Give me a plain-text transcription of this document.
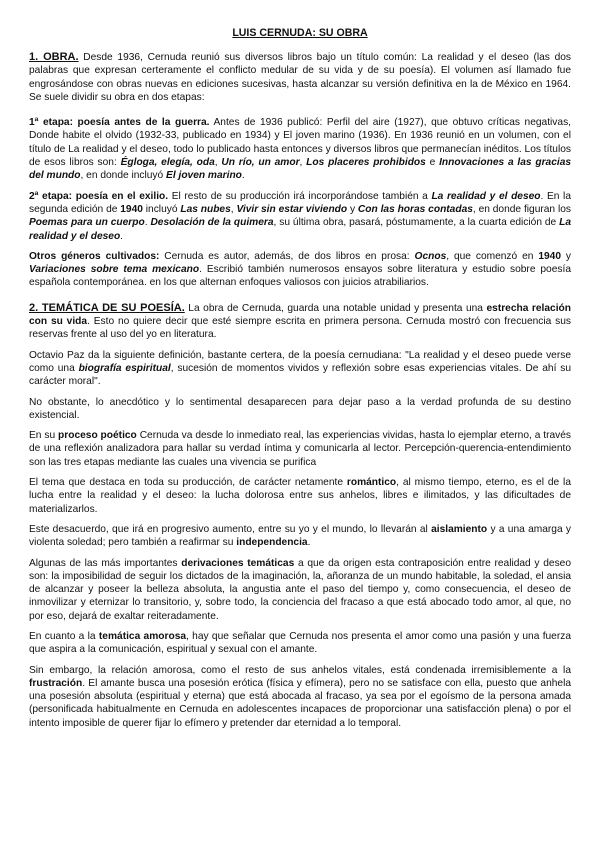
LUIS CERNUDA: SU OBRA

1. OBRA. Desde 1936, Cernuda reunió sus diversos libros bajo un título común: La realidad y el deseo (las dos palabras que expresan certeramente el conflicto medular de su vida y de su poesía). El volumen así llamado fue engrosándose con obras nuevas en ediciones sucesivas, hasta alcanzar su versión definitiva en la de México en 1964. Se suele dividir su obra en dos etapas:

1ª etapa: poesía antes de la guerra. Antes de 1936 publicó: Perfil del aire (1927), que obtuvo críticas negativas, Donde habite el olvido (1932-33, publicado en 1934) y El joven marino (1936). En 1936 reunió en un volumen, con el título de La realidad y el deseo, todo lo publicado hasta entonces y diversos libros que permanecían inéditos. Los títulos de esos libros son: Égloga, elegía, oda, Un río, un amor, Los placeres prohibidos e Innovaciones a las gracias del mundo, en donde incluyó El joven marino.

2ª etapa: poesía en el exilio. El resto de su producción irá incorporándose también a La realidad y el deseo. En la segunda edición de 1940 incluyó Las nubes, Vivir sin estar viviendo y Con las horas contadas, en donde figuran los Poemas para un cuerpo. Desolación de la quimera, su última obra, pasará, póstumamente, a la cuarta edición de La realidad y el deseo.

Otros géneros cultivados: Cernuda es autor, además, de dos libros en prosa: Ocnos, que comenzó en 1940 y Variaciones sobre tema mexicano. Escribió también numerosos ensayos sobre literatura y estudio sobre poesía española contemporánea. en los que alternan enfoques valiosos con juicios atrabiliarios.

2. TEMÁTICA DE SU POESÍA. La obra de Cernuda, guarda una notable unidad y presenta una estrecha relación con su vida. Esto no quiere decir que esté siempre escrita en primera persona. Cernuda mostró con frecuencia sus reservas frente al uso del yo en literatura.

Octavio Paz da la siguiente definición, bastante certera, de la poesía cernudiana: "La realidad y el deseo puede verse como una biografía espiritual, sucesión de momentos vividos y reflexión sobre esas experiencias vitales. De ahí su carácter moral".

No obstante, lo anecdótico y lo sentimental desaparecen para dejar paso a la verdad profunda de su destino existencial.

En su proceso poético Cernuda va desde lo inmediato real, las experiencias vividas, hasta lo ejemplar eterno, a través de una reflexión analizadora para hallar su verdad íntima y comunicarla al lector. Percepción-querencia-entendimiento son las tres etapas mediante las cuales una vivencia se purifica

El tema que destaca en toda su producción, de carácter netamente romántico, al mismo tiempo, eterno, es el de la lucha entre la realidad y el deseo: la lucha dolorosa entre sus anhelos, libres e ilimitados, y las dificultades de materializarlos.

Este desacuerdo, que irá en progresivo aumento, entre su yo y el mundo, lo llevarán al aislamiento y a una amarga y violenta soledad; pero también a reafirmar su independencia.

Algunas de las más importantes derivaciones temáticas a que da origen esta contraposición entre realidad y deseo son: la imposibilidad de seguir los dictados de la imaginación, la, añoranza de un mundo habitable, la soledad, el ansia de alcanzar y poseer la belleza absoluta, la angustia ante el paso del tiempo y, como consecuencia, el deseo de inmovilizar y eternizar lo transitorio, y, sobre todo, la conciencia del fracaso a que está abocado todo amor, al que, no por eso, dejará de exaltar reiteradamente.

En cuanto a la temática amorosa, hay que señalar que Cernuda nos presenta el amor como una pasión y una fuerza que aspira a la comunicación, espiritual y sexual con el amante.

Sin embargo, la relación amorosa, como el resto de sus anhelos vitales, está condenada irremisiblemente a la frustración. El amante busca una posesión erótica (física y efímera), pero no se satisface con ella, puesto que anhela una posesión absoluta (espiritual y eterna) que está abocada al fracaso, ya sea por el egoísmo de la persona amada (personificada habitualmente en Cernuda en adolescentes incapaces de proporcionar una satisfacción plena) o por el intento imposible de querer fijar lo efímero y pretender dar eternidad a lo temporal.
